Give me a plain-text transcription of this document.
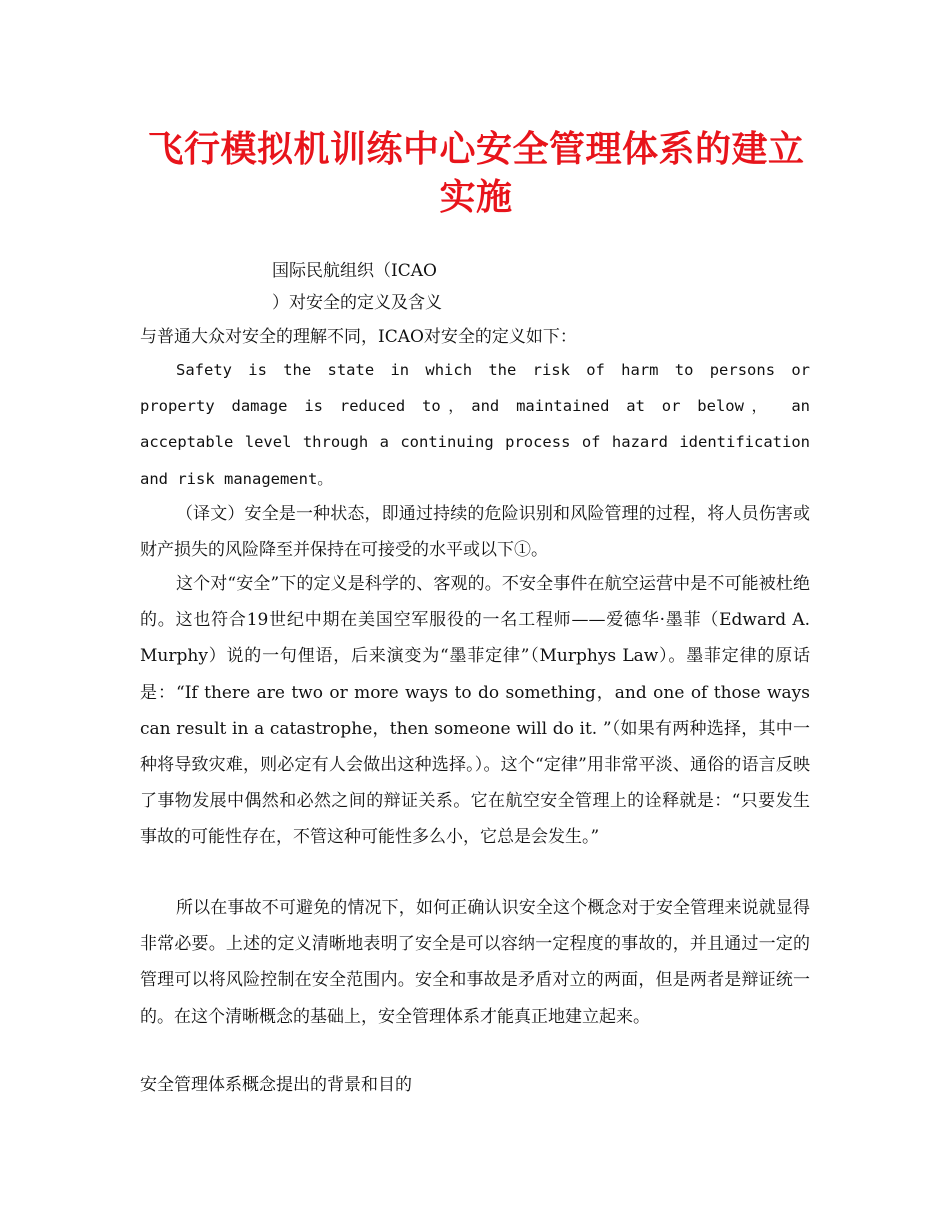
飞行模拟机训练中心安全管理体系的建立实施

国际民航组织（ICAO

）对安全的定义及含义

与普通大众对安全的理解不同，ICAO对安全的定义如下：

Safety is the state in which the risk of harm to persons or property damage is reduced to，and maintained at or below， an acceptable level through a continuing process of hazard identification and risk management。

（译文）安全是一种状态，即通过持续的危险识别和风险管理的过程，将人员伤害或财产损失的风险降至并保持在可接受的水平或以下①。

这个对“安全”下的定义是科学的、客观的。不安全事件在航空运营中是不可能被杜绝的。这也符合19世纪中期在美国空军服役的一名工程师——爱德华·墨菲（Edward A. Murphy）说的一句俚语，后来演变为“墨菲定律”（Murphys Law）。墨菲定律的原话是：“If there are two or more ways to do something，and one of those ways can result in a catastrophe，then someone will do it. ”（如果有两种选择，其中一种将导致灾难，则必定有人会做出这种选择。）。这个“定律”用非常平淡、通俗的语言反映了事物发展中偶然和必然之间的辩证关系。它在航空安全管理上的诠释就是：“只要发生事故的可能性存在，不管这种可能性多么小，它总是会发生。”

所以在事故不可避免的情况下，如何正确认识安全这个概念对于安全管理来说就显得非常必要。上述的定义清晰地表明了安全是可以容纳一定程度的事故的，并且通过一定的管理可以将风险控制在安全范围内。安全和事故是矛盾对立的两面，但是两者是辩证统一的。在这个清晰概念的基础上，安全管理体系才能真正地建立起来。

安全管理体系概念提出的背景和目的
